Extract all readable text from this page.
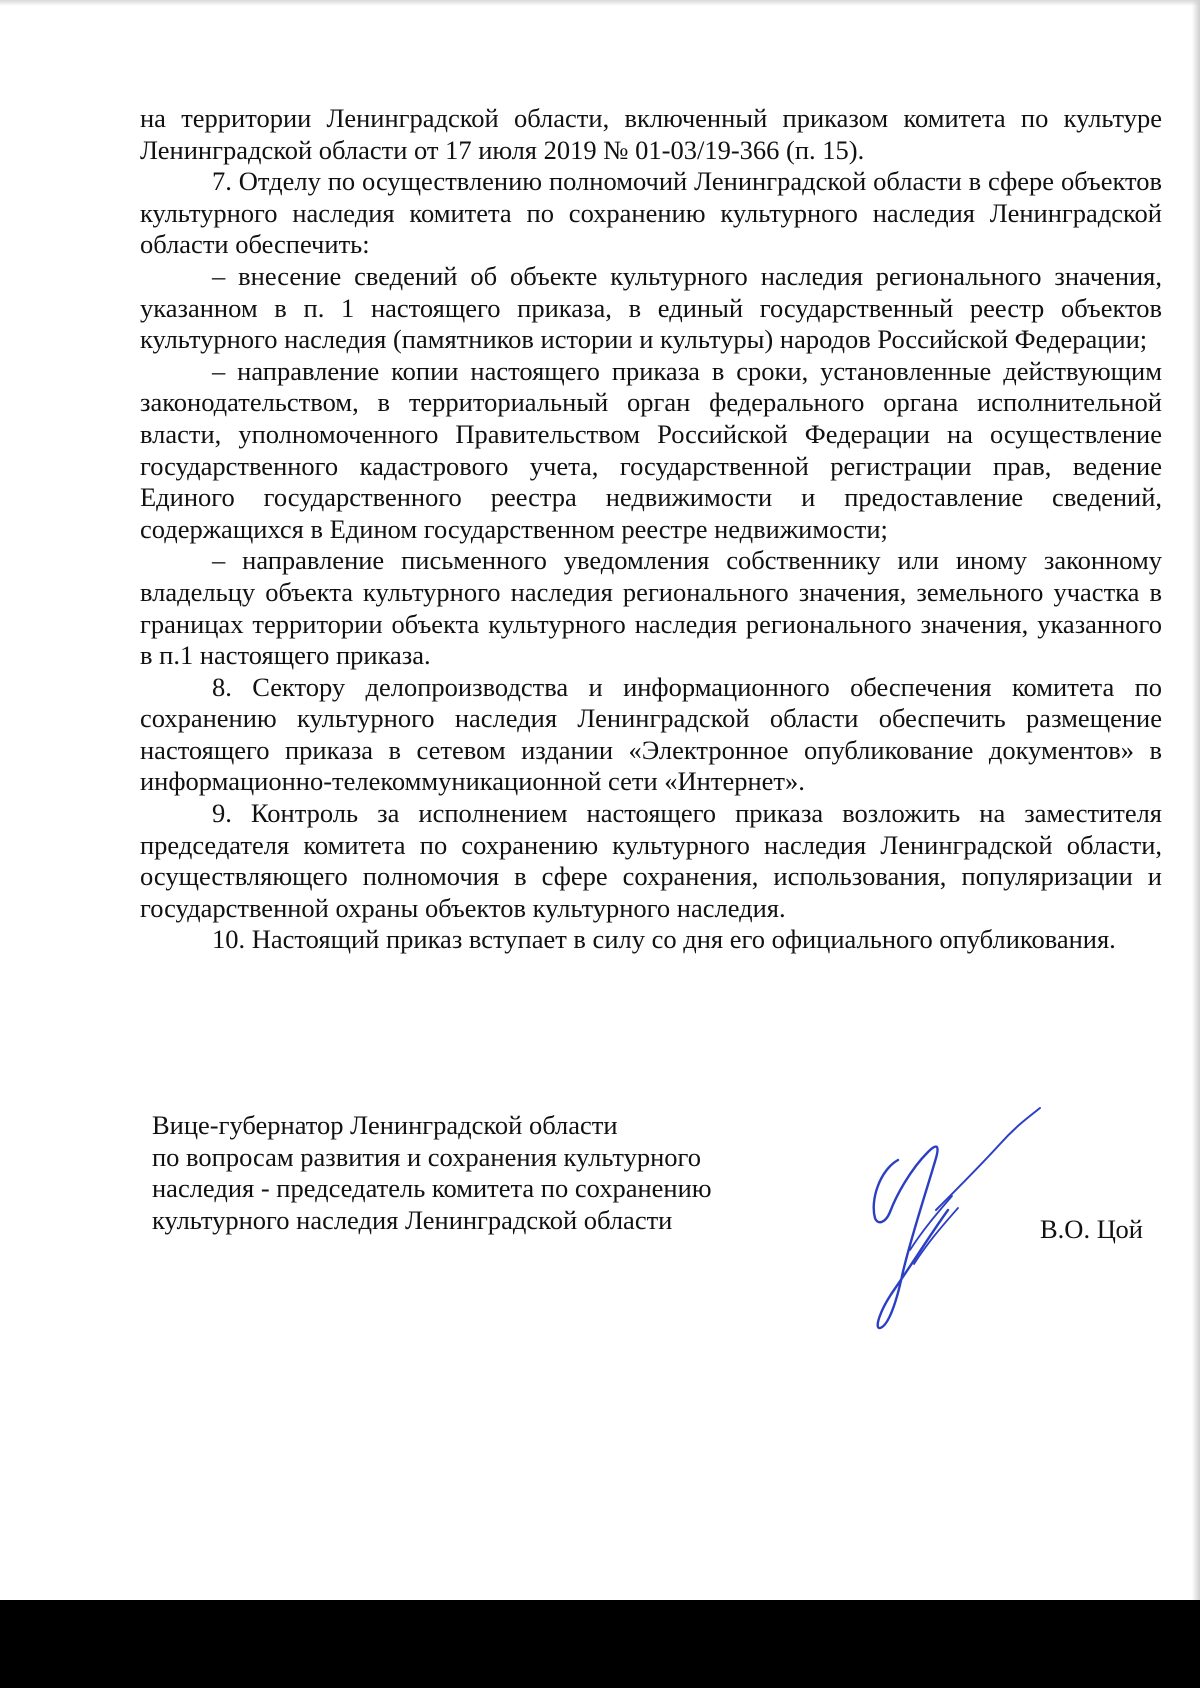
на территории Ленинградской области, включенный приказом комитета по культуре Ленинградской области от 17 июля 2019 № 01-03/19-366 (п. 15).

7. Отделу по осуществлению полномочий Ленинградской области в сфере объектов культурного наследия комитета по сохранению культурного наследия Ленинградской области обеспечить:

– внесение сведений об объекте культурного наследия регионального значения, указанном в п. 1 настоящего приказа, в единый государственный реестр объектов культурного наследия (памятников истории и культуры) народов Российской Федерации;

– направление копии настоящего приказа в сроки, установленные действующим законодательством, в территориальный орган федерального органа исполнительной власти, уполномоченного Правительством Российской Федерации на осуществление государственного кадастрового учета, государственной регистрации прав, ведение Единого государственного реестра недвижимости и предоставление сведений, содержащихся в Едином государственном реестре недвижимости;

– направление письменного уведомления собственнику или иному законному владельцу объекта культурного наследия регионального значения, земельного участка в границах территории объекта культурного наследия регионального значения, указанного в п.1 настоящего приказа.

8. Сектору делопроизводства и информационного обеспечения комитета по сохранению культурного наследия Ленинградской области обеспечить размещение настоящего приказа в сетевом издании «Электронное опубликование документов» в информационно-телекоммуникационной сети «Интернет».

9. Контроль за исполнением настоящего приказа возложить на заместителя председателя комитета по сохранению культурного наследия Ленинградской области, осуществляющего полномочия в сфере сохранения, использования, популяризации и государственной охраны объектов культурного наследия.

10. Настоящий приказ вступает в силу со дня его официального опубликования.

Вице-губернатор Ленинградской области
по вопросам развития и сохранения культурного
наследия - председатель комитета по сохранению
культурного наследия Ленинградской области	В.О. Цой
